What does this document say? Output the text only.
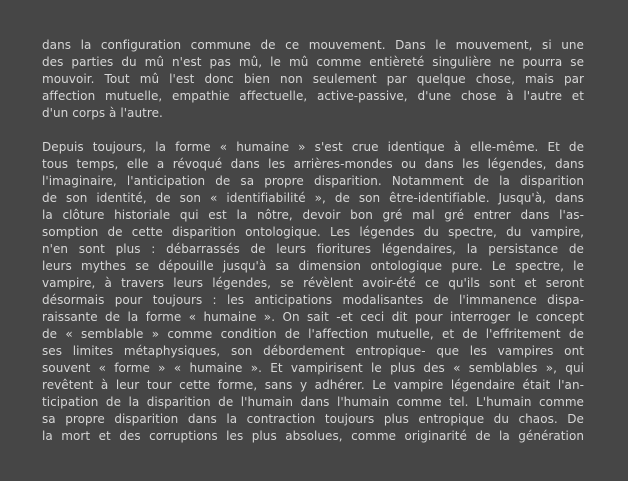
dans la configuration commune de ce mouvement. Dans le mouvement, si une
des parties du mû n'est pas mû, le mû comme entièreté singulière ne pourra se
mouvoir. Tout mû l'est donc bien non seulement par quelque chose, mais par
affection mutuelle, empathie affectuelle, active-passive, d'une chose à l'autre et
d'un corps à l'autre.
Depuis toujours, la forme « humaine » s'est crue identique à elle-même. Et de
tous temps, elle a révoqué dans les arrières-mondes ou dans les légendes, dans
l'imaginaire, l'anticipation de sa propre disparition. Notamment de la disparition
de son identité, de son « identifiabilité », de son être-identifiable. Jusqu'à, dans
la clôture historiale qui est la nôtre, devoir bon gré mal gré entrer dans l'as-
somption de cette disparition ontologique. Les légendes du spectre, du vampire,
n'en sont plus : débarrassés de leurs fioritures légendaires, la persistance de
leurs mythes se dépouille jusqu'à sa dimension ontologique pure. Le spectre, le
vampire, à travers leurs légendes, se révèlent avoir-été ce qu'ils sont et seront
désormais pour toujours : les anticipations modalisantes de l'immanence dispa-
raissante de la forme « humaine ». On sait -et ceci dit pour interroger le concept
de « semblable » comme condition de l'affection mutuelle, et de l'effritement de
ses limites métaphysiques, son débordement entropique- que les vampires ont
souvent « forme » « humaine ». Et vampirisent le plus des « semblables », qui
revêtent à leur tour cette forme, sans y adhérer. Le vampire légendaire était l'an-
ticipation de la disparition de l'humain dans l'humain comme tel. L'humain comme
sa propre disparition dans la contraction toujours plus entropique du chaos. De
la mort et des corruptions les plus absolues, comme originarité de la génération
